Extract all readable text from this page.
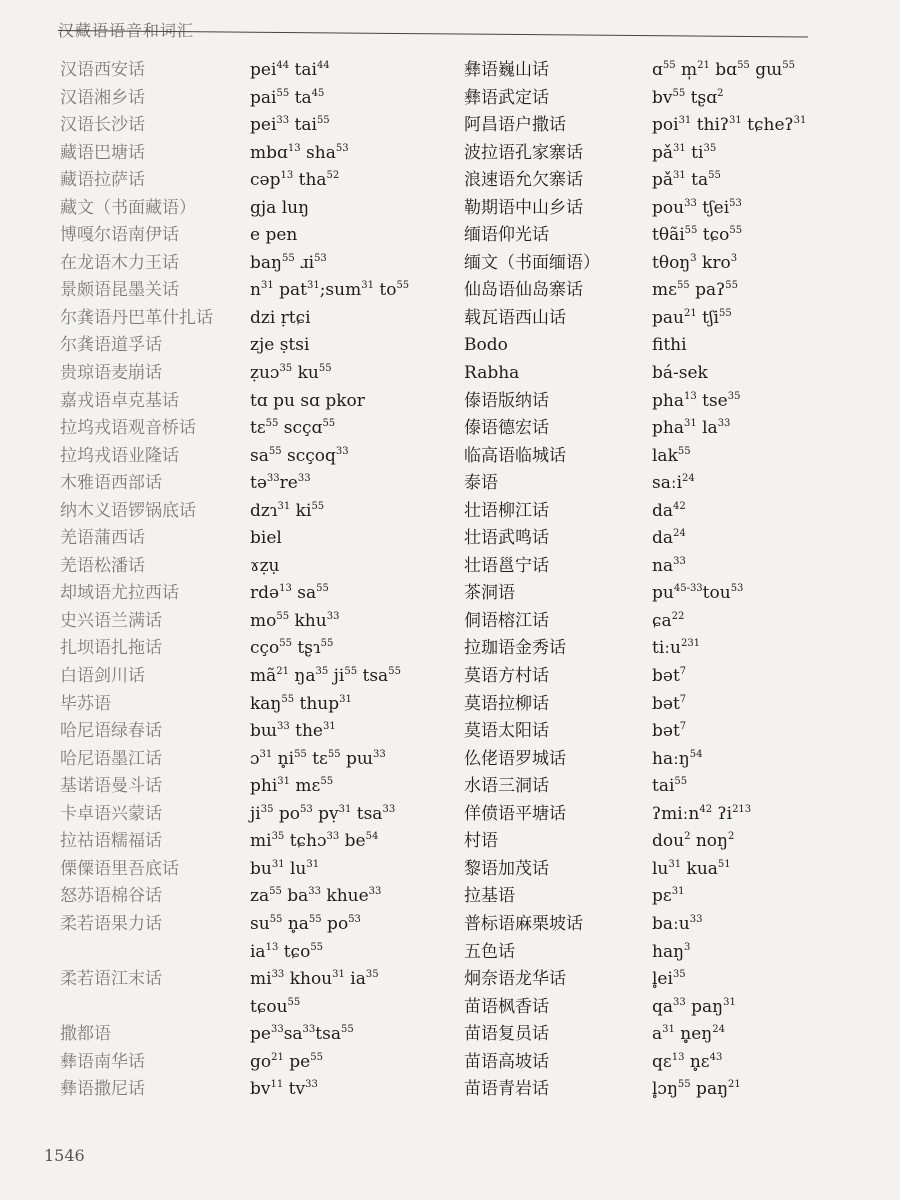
汉藏语语音和词汇
汉语西安话
汉语湘乡话
汉语长沙话
藏语巴塘话
藏语拉萨话
藏文（书面藏语）
博嘎尔语南伊话
在龙语木力王话
景颇语昆墨关话
尔龚语丹巴革什扎话
尔龚语道孚话
贵琼语麦崩话
嘉戎语卓克基话
拉坞戎语观音桥话
拉坞戎语业隆话
木雅语西部话
纳木义语锣锅底话
羌语蒲西话
羌语松潘话
却域语尤拉西话
史兴语兰满话
扎坝语扎拖话
白语剑川话
毕苏语
哈尼语绿春话
哈尼语墨江话
基诺语曼斗话
卡卓语兴蒙话
拉祜语糯福话
傈僳语里吾底话
怒苏语棉谷话
柔若语果力话

柔若语江末话

撒都语
彝语南华话
彝语撒尼话
pei$^{44}$ tai$^{44}$
pai$^{55}$ $ta^{45}$
pei$^{33}$ tai$^{55}$
mbɑ$^{13}$ sha$^{53}$
cəp$^{13}$ tha$^{52}$
gja luŋ
e pen
baŋ$^{55}$ ɹi$^{53}$
$n^{31}$ pat$^{31}$;sum$^{31}$ $to^{55}$
dzi ṛtɕi
zje ṣtsi
ẓuɔ$^{35}$ $ku^{55}$
tɑ pu sɑ pkor
tɛ$^{55}$ scçɑ$^{55}$
$sa^{55}$ scçoq$^{33}$
$tə^{33}re^{33}$
dzɿ$^{31}$ $ki^{55}$
biel
ɤẓụ
rdə$^{13}$ $sa^{55}$
$mo^{55}$ khu$^{33}$
cço$^{55}$ tʂɿ$^{55}$
$mã^{21}$ $ŋa^{35}$ $ji^{55}$ tsa$^{55}$
kaŋ$^{55}$ thup$^{31}$
bɯ$^{33}$ the$^{31}$
ɔ$^{31}$ $n̥i^{55}$ tɛ$^{55}$ pɯ$^{33}$
phi$^{31}$ mɛ$^{55}$
$ji^{35}$ $po^{53}$ pṿ$^{31}$ tsa$^{33}$
$mi^{35}$ tɕhɔ$^{33}$ $be^{54}$
$bu^{31}$ $lu^{31}$
$za^{55}$ $ba^{33}$ khue$^{33}$
$su^{55}$ $n̥a^{55}$ $po^{53}$
$ia^{13}$ tɕo$^{55}$
$mi^{33}$ khou$^{31}$ $ia^{35}$
tɕou$^{55}$
$pe^{33}sa^{33}tsa^{55}$
$go^{21}$ $pe^{55}$
$bv^{11}$ $tv^{33}$
彝语巍山话
彝语武定话
阿昌语户撒话
波拉语孔家寨话
浪速语允欠寨话
勒期语中山乡话
缅语仰光话
缅文（书面缅语）
仙岛语仙岛寨话
载瓦语西山话
Bodo
Rabha
傣语版纳话
傣语德宏话
临高语临城话
泰语
壮语柳江话
壮语武鸣话
壮语邕宁话
茶洞语
侗语榕江话
拉珈语金秀话
莫语方村话
莫语拉柳话
莫语太阳话
仫佬语罗城话
水语三洞话
佯偾语平塘话
村语
黎语加茂话
拉基语
普标语麻栗坡话
五色话
炯奈语龙华话
苗语枫香话
苗语复员话
苗语高坡话
苗语青岩话
ɑ$^{55}$ m̩$^{21}$ bɑ$^{55}$ gɯ$^{55}$
$bv^{55}$ tʂɑ$^2$
poi$^{31}$ thiʔ$^{31}$ tɕheʔ$^{31}$
$pǎ^{31}$ $ti^{35}$
$pǎ^{31}$ $ta^{55}$
pou$^{33}$ tʃei$^{53}$
tθãi$^{55}$ tɕo$^{55}$
tθoŋ$^3$ kro$^3$
mɛ$^{55}$ paʔ$^{55}$
pau$^{21}$ tʃi$^{55}$
fithi
bá-sek
pha$^{13}$ tse$^{35}$
pha$^{31}$ $la^{33}$
lak$^{55}$
saːi$^{24}$
$da^{42}$
$da^{24}$
$na^{33}$
$pu^{45-33}tou^{53}$
ɕa$^{22}$
tiːu$^{231}$
bət$^7$
bət$^7$
bət$^7$
haːŋ$^{54}$
tai$^{55}$
ʔmiːn$^{42}$ ʔi$^{213}$
dou$^2$ noŋ$^2$
$lu^{31}$ kua$^{51}$
pɛ$^{31}$
baːu$^{33}$
haŋ$^3$
$l̥ei^{35}$
$qa^{33}$ paŋ$^{31}$
$a^{31}$ $n̥̥eŋ^{24}$
qɛ$^{13}$ n̥ɛ$^{43}$
l̥ɔŋ$^{55}$ paŋ$^{21}$
1546
